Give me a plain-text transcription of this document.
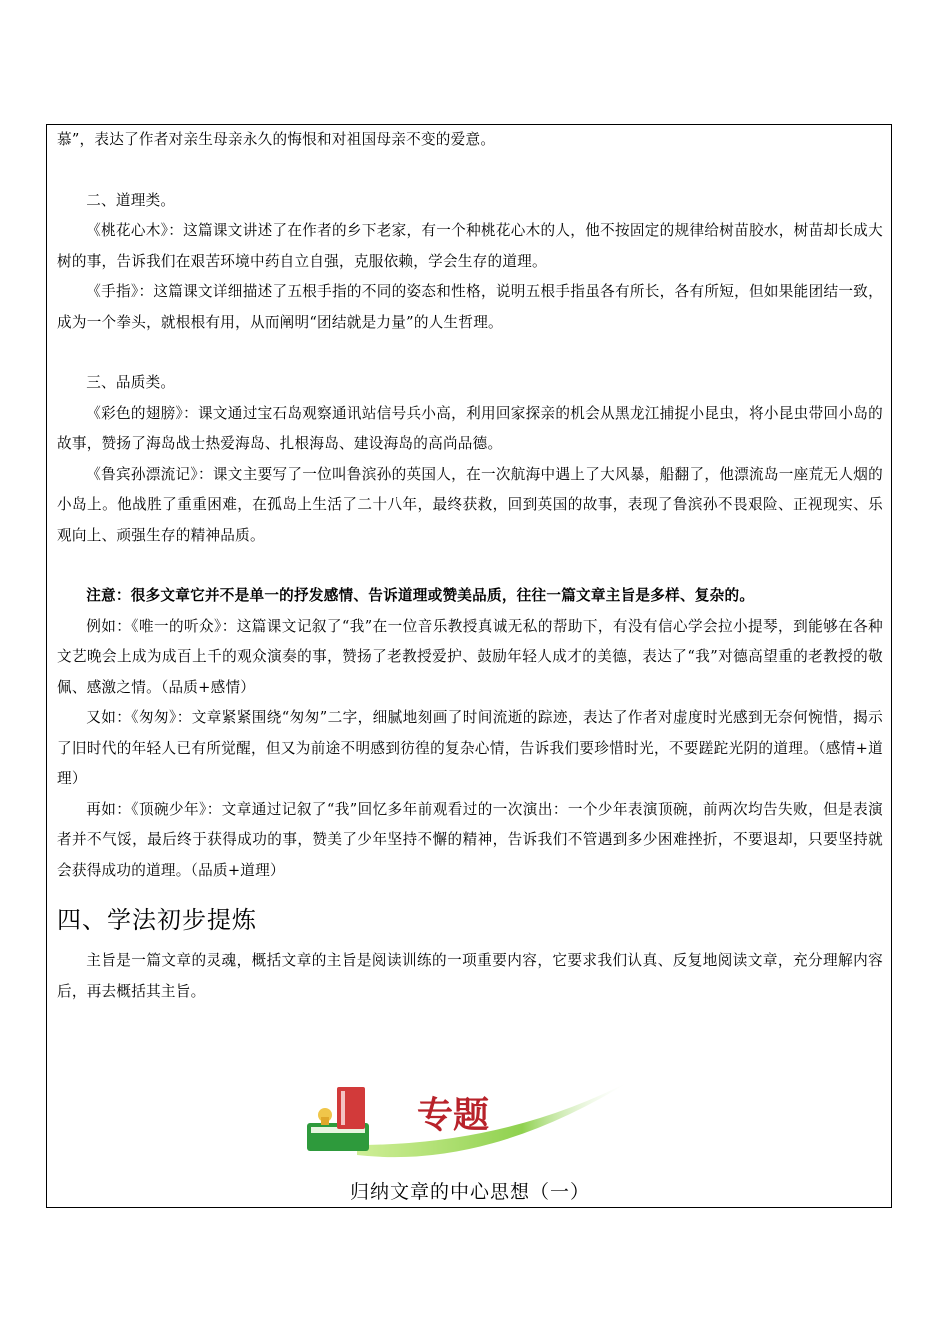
慕”，表达了作者对亲生母亲永久的悔恨和对祖国母亲不变的爱意。

二、道理类。

《桃花心木》：这篇课文讲述了在作者的乡下老家，有一个种桃花心木的人，他不按固定的规律给树苗胶水，树苗却长成大树的事，告诉我们在艰苦环境中药自立自强，克服依赖，学会生存的道理。

《手指》：这篇课文详细描述了五根手指的不同的姿态和性格，说明五根手指虽各有所长，各有所短，但如果能团结一致，成为一个拳头，就根根有用，从而阐明“团结就是力量”的人生哲理。

三、品质类。

《彩色的翅膀》：课文通过宝石岛观察通讯站信号兵小高，利用回家探亲的机会从黑龙江捕捉小昆虫，将小昆虫带回小岛的故事，赞扬了海岛战士热爱海岛、扎根海岛、建设海岛的高尚品德。

《鲁宾孙漂流记》：课文主要写了一位叫鲁滨孙的英国人，在一次航海中遇上了大风暴，船翻了，他漂流岛一座荒无人烟的小岛上。他战胜了重重困难，在孤岛上生活了二十八年，最终获救，回到英国的故事，表现了鲁滨孙不畏艰险、正视现实、乐观向上、顽强生存的精神品质。

注意：很多文章它并不是单一的抒发感情、告诉道理或赞美品质，往往一篇文章主旨是多样、复杂的。

例如：《唯一的听众》：这篇课文记叙了“我”在一位音乐教授真诚无私的帮助下，有没有信心学会拉小提琴，到能够在各种文艺晚会上成为成百上千的观众演奏的事，赞扬了老教授爱护、鼓励年轻人成才的美德，表达了“我”对德高望重的老教授的敬佩、感激之情。（品质+感情）

又如：《匆匆》：文章紧紧围绕“匆匆”二字，细腻地刻画了时间流逝的踪迹，表达了作者对虚度时光感到无奈何惋惜，揭示了旧时代的年轻人已有所觉醒，但又为前途不明感到彷徨的复杂心情，告诉我们要珍惜时光，不要蹉跎光阴的道理。（感情+道理）

再如：《顶碗少年》：文章通过记叙了“我”回忆多年前观看过的一次演出：一个少年表演顶碗，前两次均告失败，但是表演者并不气馁，最后终于获得成功的事，赞美了少年坚持不懈的精神，告诉我们不管遇到多少困难挫折，不要退却，只要坚持就会获得成功的道理。（品质+道理）

四、学法初步提炼

主旨是一篇文章的灵魂，概括文章的主旨是阅读训练的一项重要内容，它要求我们认真、反复地阅读文章，充分理解内容后，再去概括其主旨。

专题
归纳文章的中心思想（一）
